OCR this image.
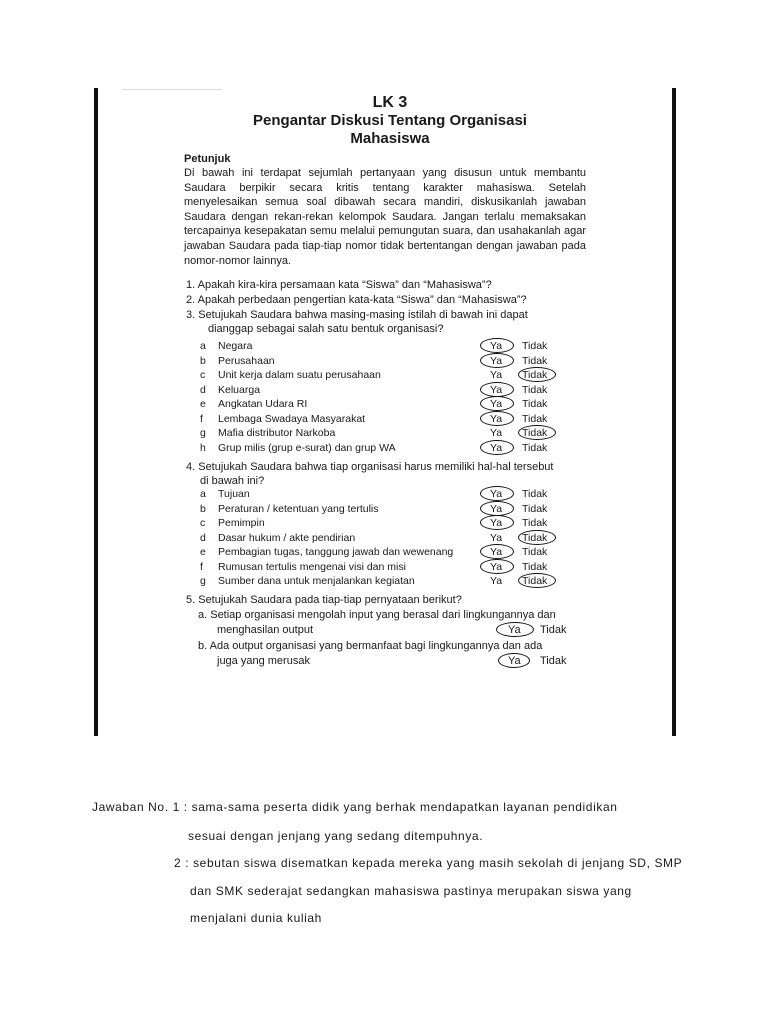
LK 3
Pengantar Diskusi Tentang Organisasi
Mahasiswa
Petunjuk
Di bawah ini terdapat sejumlah pertanyaan yang disusun untuk membantu Saudara berpikir secara kritis tentang karakter mahasiswa. Setelah menyelesaikan semua soal dibawah secara mandiri, diskusikanlah jawaban Saudara dengan rekan-rekan kelompok Saudara. Jangan terlalu memaksakan tercapainya kesepakatan semu melalui pemungutan suara, dan usahakanlah agar jawaban Saudara pada tiap-tiap nomor tidak bertentangan dengan jawaban pada nomor-nomor lainnya.
1. Apakah kira-kira persamaan kata “Siswa” dan “Mahasiswa”?
2. Apakah perbedaan pengertian kata-kata “Siswa” dan “Mahasiswa”?
3. Setujukah Saudara bahwa masing-masing istilah di bawah ini dapat
dianggap sebagai salah satu bentuk organisasi?
a Negara	Ya Tidak
b Perusahaan	Ya Tidak
c Unit kerja dalam suatu perusahaan	Ya Tidak
d Keluarga	Ya Tidak
e Angkatan Udara RI	Ya Tidak
f Lembaga Swadaya Masyarakat	Ya Tidak
g Mafia distributor Narkoba	Ya Tidak
h Grup milis (grup e-surat) dan grup WA	Ya Tidak
4. Setujukah Saudara bahwa tiap organisasi harus memiliki hal-hal tersebut
di bawah ini?
a Tujuan	Ya Tidak
b Peraturan / ketentuan yang tertulis	Ya Tidak
c Pemimpin	Ya Tidak
d Dasar hukum / akte pendirian	Ya Tidak
e Pembagian tugas, tanggung jawab dan wewenang	Ya Tidak
f Rumusan tertulis mengenai visi dan misi	Ya Tidak
g Sumber dana untuk menjalankan kegiatan	Ya Tidak
5. Setujukah Saudara pada tiap-tiap pernyataan berikut?
a. Setiap organisasi mengolah input yang berasal dari lingkungannya dan
menghasilan output	Ya Tidak
b. Ada output organisasi yang bermanfaat bagi lingkungannya dan ada
juga yang merusak	Ya Tidak
Jawaban No. 1 : sama-sama peserta didik yang berhak mendapatkan layanan pendidikan
sesuai dengan jenjang yang sedang ditempuhnya.
2 : sebutan siswa disematkan kepada mereka yang masih sekolah di jenjang SD, SMP
dan SMK sederajat sedangkan mahasiswa pastinya merupakan siswa yang
menjalani dunia kuliah
